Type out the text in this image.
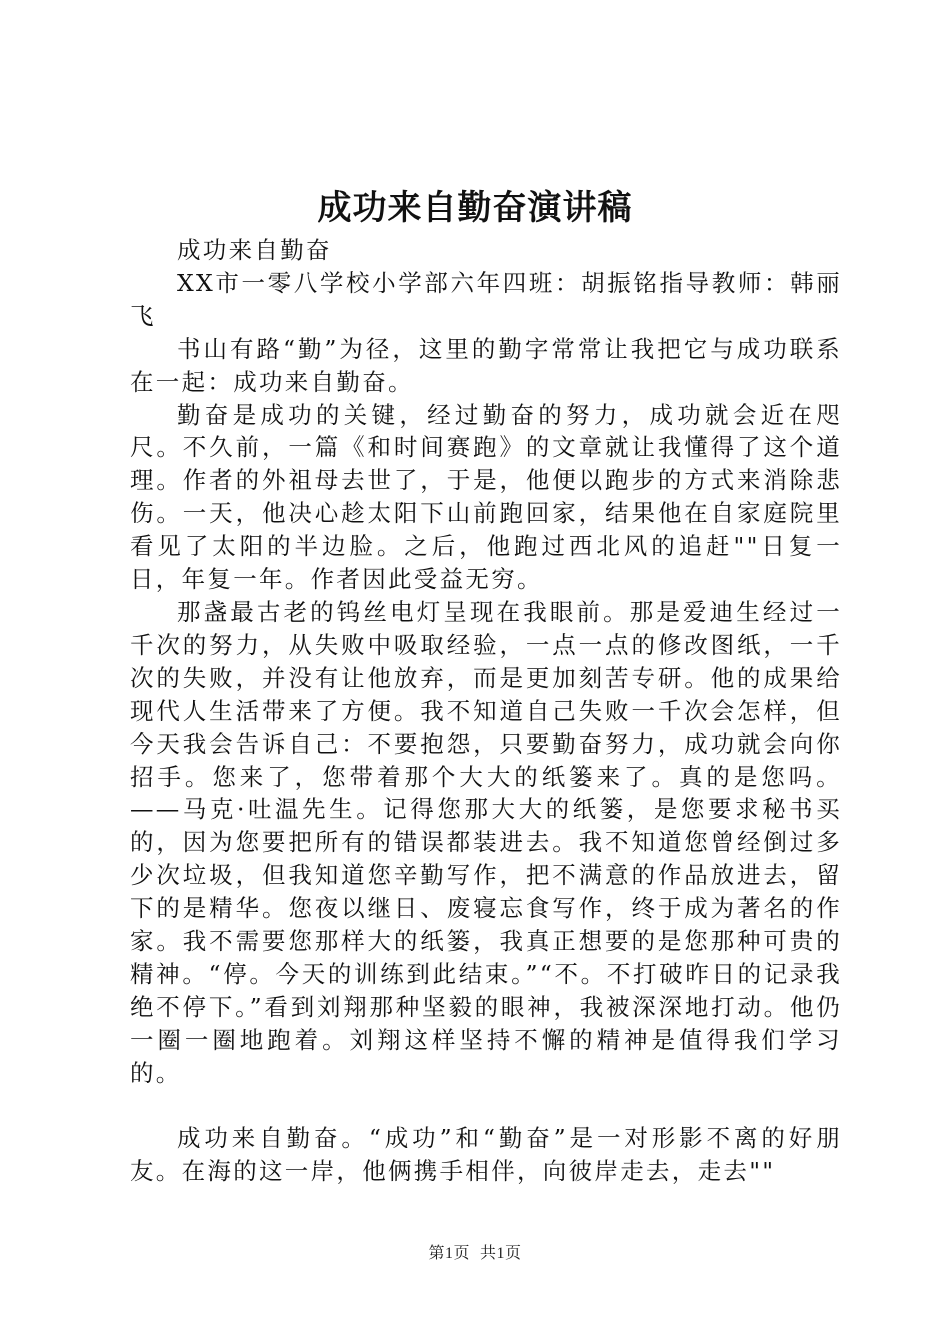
成功来自勤奋演讲稿

成功来自勤奋

XX市一零八学校小学部六年四班：胡振铭指导教师：韩丽飞

书山有路“勤”为径，这里的勤字常常让我把它与成功联系在一起：成功来自勤奋。

勤奋是成功的关键，经过勤奋的努力，成功就会近在咫尺。不久前，一篇《和时间赛跑》的文章就让我懂得了这个道理。作者的外祖母去世了，于是，他便以跑步的方式来消除悲伤。一天，他决心趁太阳下山前跑回家，结果他在自家庭院里看见了太阳的半边脸。之后，他跑过西北风的追赶""日复一日，年复一年。作者因此受益无穷。

那盏最古老的钨丝电灯呈现在我眼前。那是爱迪生经过一千次的努力，从失败中吸取经验，一点一点的修改图纸，一千次的失败，并没有让他放弃，而是更加刻苦专研。他的成果给现代人生活带来了方便。我不知道自己失败一千次会怎样，但今天我会告诉自己：不要抱怨，只要勤奋努力，成功就会向你招手。您来了，您带着那个大大的纸篓来了。真的是您吗。——马克·吐温先生。记得您那大大的纸篓，是您要求秘书买的，因为您要把所有的错误都装进去。我不知道您曾经倒过多少次垃圾，但我知道您辛勤写作，把不满意的作品放进去，留下的是精华。您夜以继日、废寝忘食写作，终于成为著名的作家。我不需要您那样大的纸篓，我真正想要的是您那种可贵的精神。“停。今天的训练到此结束。”“不。不打破昨日的记录我绝不停下。”看到刘翔那种坚毅的眼神，我被深深地打动。他仍一圈一圈地跑着。刘翔这样坚持不懈的精神是值得我们学习的。

成功来自勤奋。“成功”和“勤奋”是一对形影不离的好朋友。在海的这一岸，他俩携手相伴，向彼岸走去，走去""

第1页 共1页
